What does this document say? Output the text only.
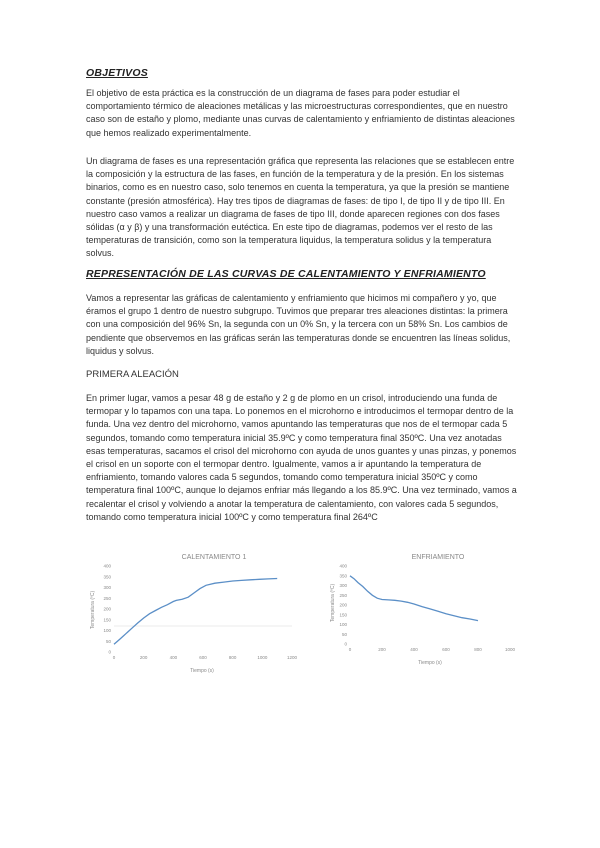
OBJETIVOS

El objetivo de esta práctica es la construcción de un diagrama de fases para poder estudiar el comportamiento térmico de aleaciones metálicas y las microestructuras correspondientes, que en nuestro caso son de estaño y plomo, mediante unas curvas de calentamiento y enfriamiento de distintas aleaciones que hemos realizado experimentalmente.

Un diagrama de fases es una representación gráfica que representa las relaciones que se establecen entre la composición y la estructura de las fases, en función de la temperatura y de la presión. En los sistemas binarios, como es en nuestro caso, solo tenemos en cuenta la temperatura, ya que la presión se mantiene constante (presión atmosférica). Hay tres tipos de diagramas de fases: de tipo I, de tipo II y de tipo III. En nuestro caso vamos a realizar un diagrama de fases de tipo III, donde aparecen regiones con dos fases sólidas (α y β) y una transformación eutéctica. En este tipo de diagramas, podemos ver el resto de las temperaturas de transición, como son la temperatura liquidus, la temperatura solidus y la temperatura solvus.

REPRESENTACIÓN DE LAS CURVAS DE CALENTAMIENTO Y ENFRIAMIENTO

Vamos a representar las gráficas de calentamiento y enfriamiento que hicimos mi compañero y yo, que éramos el grupo 1 dentro de nuestro subgrupo. Tuvimos que preparar tres aleaciones distintas: la primera con una composición del 96% Sn, la segunda con un 0% Sn, y la tercera con un 58% Sn. Los cambios de pendiente que observemos en las gráficas serán las temperaturas donde se encuentren las líneas solidus, liquidus y solvus.

PRIMERA ALEACIÓN

En primer lugar, vamos a pesar 48 g de estaño y 2 g de plomo en un crisol, introduciendo una funda de termopar y lo tapamos con una tapa. Lo ponemos en el microhorno e introducimos el termopar dentro de la funda. Una vez dentro del microhorno, vamos apuntando las temperaturas que nos de el termopar cada 5 segundos, tomando como temperatura inicial 35.9ºC y como temperatura final 350ºC. Una vez anotadas esas temperaturas, sacamos el crisol del microhorno con ayuda de unos guantes y unas pinzas, y ponemos el crisol en un soporte con el termopar dentro. Igualmente, vamos a ir apuntando la temperatura de enfriamiento, tomando valores cada 5 segundos, tomando como temperatura inicial 350ºC y como temperatura final 100ºC, aunque lo dejamos enfriar más llegando a los 85.9ºC. Una vez terminado, vamos a recalentar el crisol y volviendo a anotar la temperatura de calentamiento, con valores cada 5 segundos, tomando como temperatura inicial 100ºC y como temperatura final 264ºC

CALENTAMIENTO 1
Temperatura (ºC)
Tiempo (s)
0
50
100
150
200
250
300
350
400
0	200	400	600	800	1000	1200
ENFRIAMIENTO
Temperatura (ºC)
Tiempo (s)
0
50
100
150
200
250
300
350
400
0	200	400	600	800	1000
